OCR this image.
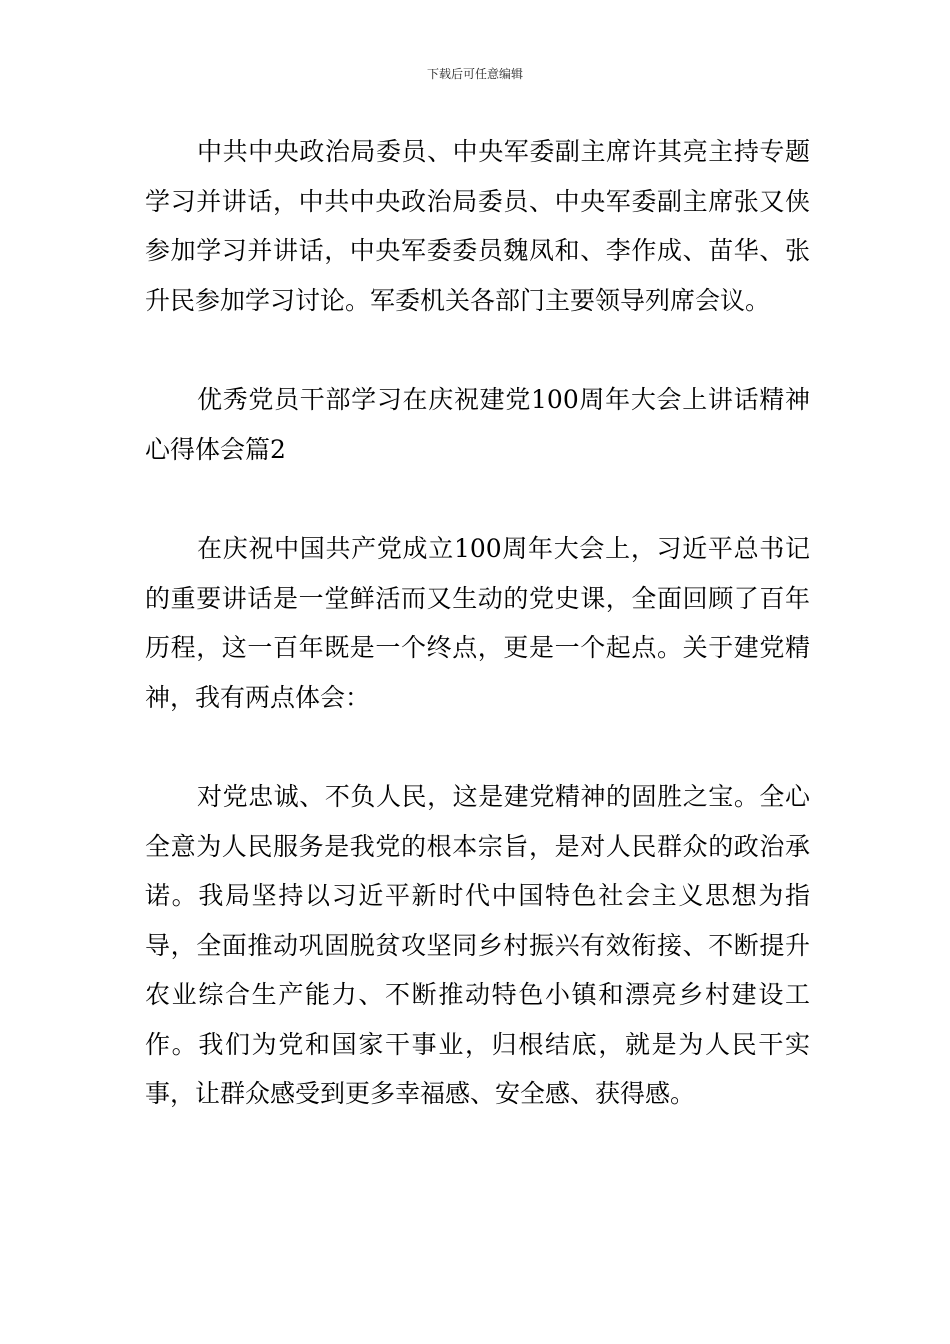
下载后可任意编辑

中共中央政治局委员、中央军委副主席许其亮主持专题学习并讲话，中共中央政治局委员、中央军委副主席张又侠参加学习并讲话，中央军委委员魏凤和、李作成、苗华、张升民参加学习讨论。军委机关各部门主要领导列席会议。

优秀党员干部学习在庆祝建党100周年大会上讲话精神心得体会篇2

在庆祝中国共产党成立100周年大会上，习近平总书记的重要讲话是一堂鲜活而又生动的党史课，全面回顾了百年历程，这一百年既是一个终点，更是一个起点。关于建党精神，我有两点体会：

对党忠诚、不负人民，这是建党精神的固胜之宝。全心全意为人民服务是我党的根本宗旨，是对人民群众的政治承诺。我局坚持以习近平新时代中国特色社会主义思想为指导，全面推动巩固脱贫攻坚同乡村振兴有效衔接、不断提升农业综合生产能力、不断推动特色小镇和漂亮乡村建设工作。我们为党和国家干事业，归根结底，就是为人民干实事，让群众感受到更多幸福感、安全感、获得感。
